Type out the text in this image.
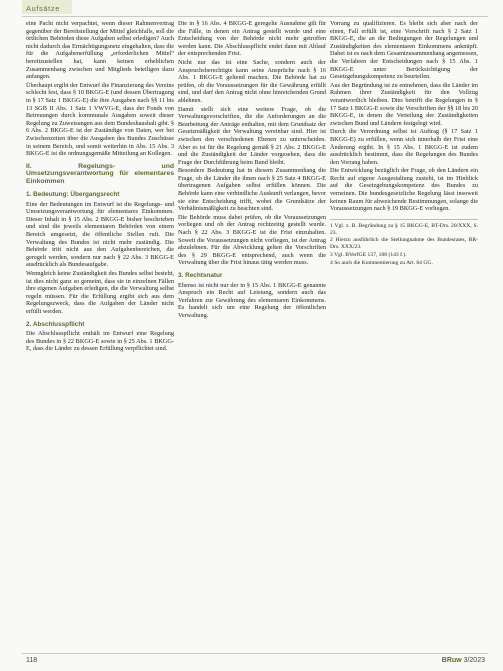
Aufsätze

eine Pacht nicht verpachtet, wenn dieser Rahmenvertrag gegenüber der Bereitstellung der Mittel gleichfalls, soll die örtlichen Behörden diese Aufgaben selbst erledigen? Auch nicht dadurch das Ermächtigungsnetz eingehalten, dass die für die Aufgabenerfüllung „erforderlichen Mittel“ bereitzustellen hat, kann keinen erheblichen Zusammenhang zwischen und Mitglieds beteiligen dazu anfangen.

Überhaupt ergibt der Entwurf die Finanzierung des Vereins schlecht fest, dass § 10 BKGG-E (und dessen Übertragung in § 17 Satz 1 BKGG-E) die ihre Ausgaben nach §§ 11 bis 13 SGB II Abs. 1 Satz 1 VWVG-E, dass der Fonds von Betreuungen durch kommunale Ausgaben soweit dieser Regelung zu Zuweisungen aus dem Bundeshaushalt gibt. § 6 Abs. 2 BKGG-E ist der Zuständige von Daten, wer bei Zwischenzeiten über die Ausgaben des Bundes Zuschüsse in seinem Bereich, und somit weiterhin in Abs. 15 Abs. 3 BKGG-E ist die ordnungsgemäße Mitteilung an Kollegen.

II. Regelungs- und Umsetzungsverantwortung für elementares Einkommen
1. Bedeutung: Übergangsrecht

Eine der Bedeutungen im Entwurf ist die Regelungs- und Umsetzungsverantwortung für elementares Einkommen. Dieser Inhalt in § 15 Abs. 2 BKGG-E bisher beschrieben und sind die jeweils elementaren Behörden von einem Bereich umgesetzt, die öffentliche Stellen ruft. Die Verwaltung des Bundes ist nicht mehr zuständig. Die Behörde tritt nicht aus den Aufgabenbereichen, die geregelt werden, sondern nur nach § 22 Abs. 3 BKGG-E ausdrücklich als Bundesaufgabe.

Wenngleich keine Zuständigkeit des Bundes selbst besteht, ist dies nicht ganz so gemeint, dass sie in einzelnen Fällen ihre eigenen Aufgaben erledigen, die die Verwaltung selbst regeln müssen. Für die Erfüllung ergibt sich aus dem Regelungszweck, dass die Aufgaben der Länder nicht erfüllt werden.

2. Abschlusspflicht

Die Abschlusspflicht enthält im Entwurf eine Regelung des Bundes in § 22 BKGG-E sowie in § 25 Abs. 1 BKGG-E, dass die Länder zu dessen Erfüllung verpflichtet sind.

Die in § 16 Abs. 4 BKGG-E geregelte Ausnahme gilt für die Fälle, in denen ein Antrag gestellt wurde und eine Entscheidung von der Behörde nicht mehr getroffen werden kann. Die Abschlusspflicht endet dann mit Ablauf der entsprechenden Frist.

Nicht nur das ist eine Sache, sondern auch der Anspruchsberechtigte kann seine Ansprüche nach § 16 Abs. 1 BKGG-E geltend machen. Die Behörde hat zu prüfen, ob die Voraussetzungen für die Gewährung erfüllt sind, und darf den Antrag nicht ohne hinreichenden Grund ablehnen.

Damit stellt sich eine weitere Frage, ob die Verwaltungsvorschriften, die die Anforderungen an die Bearbeitung der Anträge enthalten, mit dem Grundsatz der Gesetzmäßigkeit der Verwaltung vereinbar sind. Hier ist zwischen den verschiedenen Ebenen zu unterscheiden. Aber es ist für die Regelung gemäß § 21 Abs. 2 BKGG-E und die Zuständigkeit der Länder vorgesehen, dass die Frage der Durchführung beim Bund bleibt.

Besondere Bedeutung hat in diesem Zusammenhang die Frage, ob die Länder die ihnen nach § 25 Satz 4 BKGG-E übertragenen Aufgaben selbst erfüllen können. Die Behörde kann eine verbindliche Auskunft verlangen, bevor sie eine Entscheidung trifft, wobei die Grundsätze der Verhältnismäßigkeit zu beachten sind.

Die Behörde muss dabei prüfen, ob die Voraussetzungen vorliegen und ob der Antrag rechtzeitig gestellt wurde. Nach § 22 Abs. 3 BKGG-E ist die Frist einzuhalten. Soweit die Voraussetzungen nicht vorliegen, ist der Antrag abzulehnen. Für die Abwicklung gelten die Vorschriften des § 29 BKGG-E entsprechend, auch wenn die Verwaltung über die Frist hinaus tätig werden muss.

3. Rechtsnatur

Ebenso ist nicht nur der in § 15 Abs. 1 BKGG-E genannte Anspruch ein Recht auf Leistung, sondern auch das Verfahren zur Gewährung des elementaren Einkommens. Es handelt sich um eine Regelung der öffentlichen Verwaltung.

Vorrang zu qualifizieren. Es bleibt sich aber nach der einen, Fall erfüllt ist, eine Vorschrift nach § 2 Satz 1 BKGG-E, die an die Bedingungen der Regelungen und Zuständigkeiten des elementaren Einkommens anknüpft. Dabei ist es nach dem Gesamtzusammenhang angemessen, die Verfahren der Entscheidungen nach § 15 Abs. 1 BKGG-E unter Berücksichtigung der Gesetzgebungskompetenz zu beurteilen.

Aus der Begründung ist zu entnehmen, dass die Länder im Rahmen ihrer Zuständigkeit für den Vollzug verantwortlich bleiben. Dies betrifft die Regelungen in § 17 Satz 1 BKGG-E sowie die Vorschriften der §§ 18 bis 20 BKGG-E, in denen die Verteilung der Zuständigkeiten zwischen Bund und Ländern festgelegt wird.

Durch die Verordnung selbst ist Auftrag (§ 17 Satz 1 BKGG-E) zu erfüllen, wenn sich innerhalb der Frist eine Änderung ergibt. In § 15 Abs. 1 BKGG-E ist zudem ausdrücklich bestimmt, dass die Regelungen des Bundes den Vorrang haben.

Die Entwicklung bezüglich der Frage, ob den Ländern ein Recht auf eigene Ausgestaltung zusteht, ist im Hinblick auf die Gesetzgebungskompetenz des Bundes zu verneinen. Die bundesgesetzliche Regelung lässt insoweit keinen Raum für abweichende Bestimmungen, solange die Voraussetzungen nach § 19 BKGG-E vorliegen.

1 Vgl. z. B. Begründung zu § 15 BKGG-E, BT-Drs. 20/XXX, S. 23.
2 Hierzu ausführlich die Stellungnahme des Bundesrates, BR-Drs. XXX/23.
3 Vgl. BVerfGE 137, 108 (143 f.).
4 So auch die Kommentierung zu Art. 84 GG.
118	BRuw 3/2023
